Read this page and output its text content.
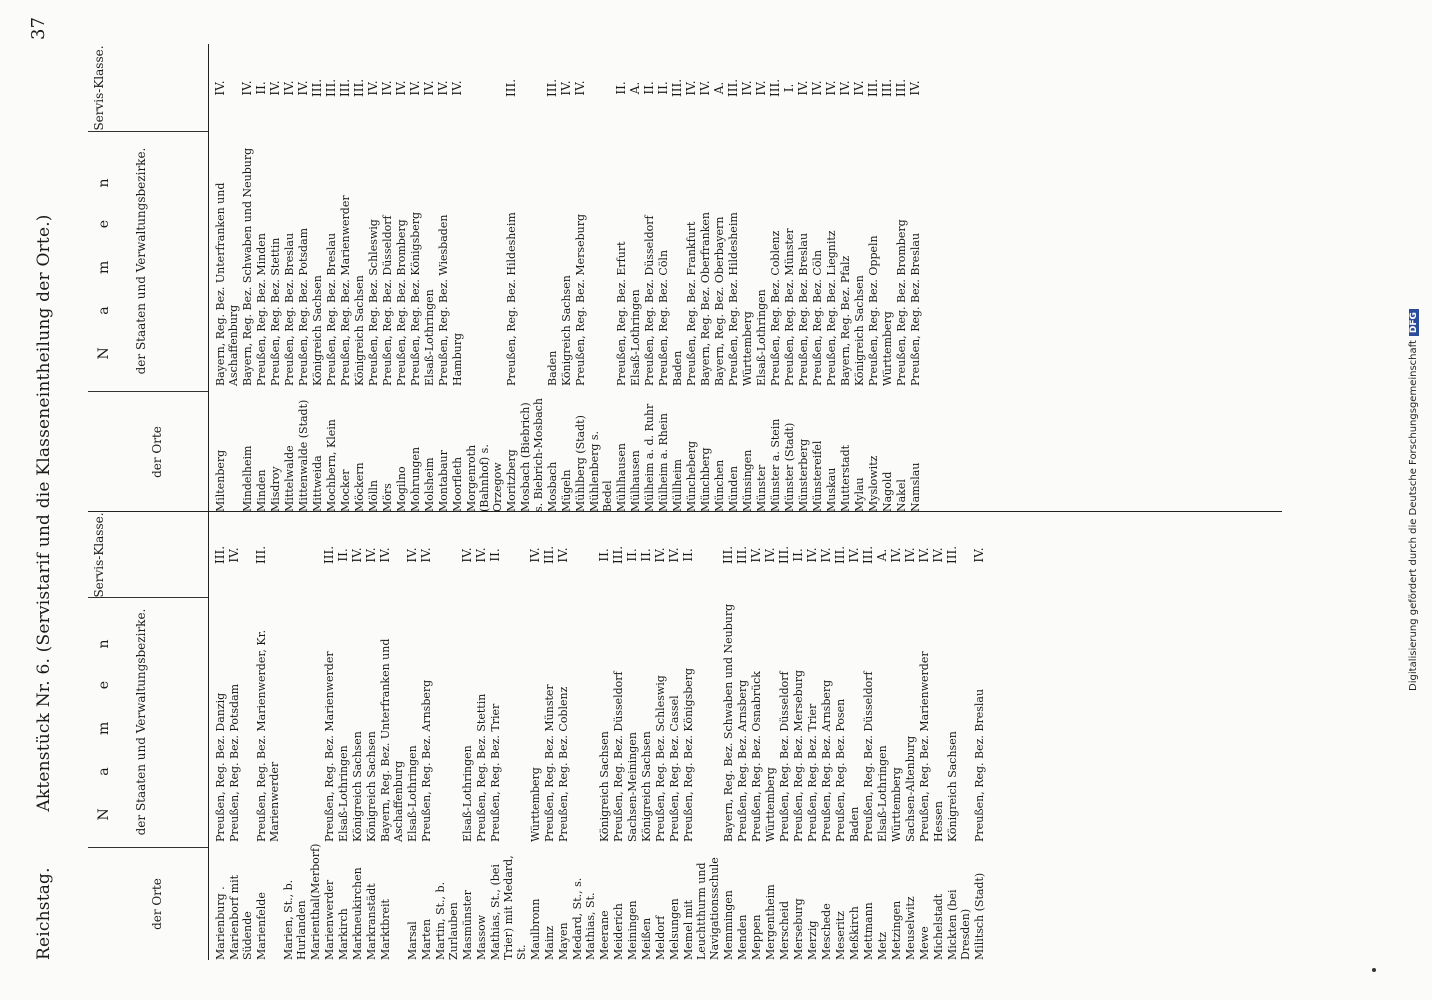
Reichstag. Aktenstück Nr. 6. (Servistarif und die Klasseneintheilung der Orte.)
37
N a m e n
der Orte
der Staaten und Verwaltungsbezirke.
Servis-Klasse.
Marienburg .
Preußen, Reg. Bez. Danzig
III.
Marienborf mit Südende
Preußen, Reg. Bez. Potsdam
IV.
Marienfelde
Preußen, Reg. Bez. Marienwerder, Kr. Marienwerder
III.
Marien, St., b. Hurlanden Marienthal(Merborf) Marienwerder
Preußen, Reg. Bez. Marienwerder
III.
Markirch
Elsaß-Lothringen
II.
Markneukirchen
Königreich Sachsen
IV.
Markranstädt
Königreich Sachsen
IV.
Marktbreit
Bayern, Reg. Bez. Unterfranken und Aschaffenburg
IV.
Marsal
Elsaß-Lothringen
IV.
Marten
Preußen, Reg. Bez. Arnsberg
IV.
Martin, St., b. Zurlauben Masmünster
Elsaß-Lothringen
IV.
Massow
Preußen, Reg. Bez. Stettin
IV.
Mathias, St., (bei Trier) mit Medard, St.
Preußen, Reg. Bez. Trier
II.
Maulbronn
Württemberg
IV.
Mainz
Preußen, Reg. Bez. Münster
III.
Mayen
Preußen, Reg. Bez. Coblenz
IV.
Medard, St., s. Mathias, St. Meerane
Königreich Sachsen
II.
Meiderich
Preußen, Reg. Bez. Düsseldorf
III.
Meiningen
Sachsen-Meiningen
II.
Meißen
Königreich Sachsen
II.
Meldorf
Preußen, Reg. Bez. Schleswig
IV.
Melsungen
Preußen, Reg. Bez. Cassel
IV.
Memel mit Leuchtthurm und Navigationsschule
Preußen, Reg. Bez. Königsberg
II.
Memmingen
Bayern, Reg. Bez. Schwaben und Neuburg
III.
Menden
Preußen, Reg. Bez. Arnsberg
III.
Meppen
Preußen, Reg. Bez. Osnabrück
IV.
Mergentheim
Württemberg
IV.
Merscheid
Preußen, Reg. Bez. Düsseldorf
III.
Merseburg
Preußen, Reg. Bez. Merseburg
II.
Merzig
Preußen, Reg. Bez. Trier
IV.
Meschede
Preußen, Reg. Bez. Arnsberg
IV.
Meseritz
Preußen, Reg. Bez. Posen
III.
Meßkirch
Baden
IV.
Mettmann
Preußen, Reg. Bez. Düsseldorf
III.
Metz
Elsaß-Lothringen
A.
Metzingen
Württemberg
IV.
Meuselwitz
Sachsen-Altenburg
IV.
Mewe
Preußen, Reg. Bez. Marienwerder
IV.
Michelstadt
Hessen
IV.
Mickten (bei Dresden)
Königreich Sachsen
III.
Militsch (Stadt)
Preußen, Reg. Bez. Breslau
IV.
N a m e n
der Orte
der Staaten und Verwaltungsbezirke.
Servis-Klasse.
Miltenberg
Bayern, Reg. Bez. Unterfranken und Aschaffenburg
IV.
Mindelheim
Bayern, Reg. Bez. Schwaben und Neuburg
IV.
Minden
Preußen, Reg. Bez. Minden
II.
Misdroy
Preußen, Reg. Bez. Stettin
IV.
Mittelwalde
Preußen, Reg. Bez. Breslau
IV.
Mittenwalde (Stadt)
Preußen, Reg. Bez. Potsdam
IV.
Mittweida
Königreich Sachsen
III.
Mochbern, Klein
Preußen, Reg. Bez. Breslau
III.
Mocker
Preußen, Reg. Bez. Marienwerder
III.
Möckern
Königreich Sachsen
III.
Mölln
Preußen, Reg. Bez. Schleswig
IV.
Mörs
Preußen, Reg. Bez. Düsseldorf
IV.
Mogilno
Preußen, Reg. Bez. Bromberg
IV.
Mohrungen
Preußen, Reg. Bez. Königsberg
IV.
Molsheim
Elsaß-Lothringen
IV.
Montabaur
Preußen, Reg. Bez. Wiesbaden
IV.
Moorfleth
Hamburg
IV.
Morgenroth (Bahnhof) s. Orzegow Moritzberg
Preußen, Reg. Bez. Hildesheim
III.
Mosbach (Biebrich) s. Biebrich-Mosbach Mosbach
Baden
III.
Mügeln
Königreich Sachsen
IV.
Mühlberg (Stadt)
Preußen, Reg. Bez. Merseburg
IV.
Mühlenberg s. Bedel Mühlhausen
Preußen, Reg. Bez. Erfurt
II.
Mülhausen
Elsaß-Lothringen
A.
Mülheim a. d. Ruhr
Preußen, Reg. Bez. Düsseldorf
II.
Mülheim a. Rhein
Preußen, Reg. Bez. Cöln
II.
Müllheim
Baden
III.
Müncheberg
Preußen, Reg. Bez. Frankfurt
IV.
Münchberg
Bayern, Reg. Bez. Oberfranken
IV.
München
Bayern, Reg. Bez. Oberbayern
A.
Münden
Preußen, Reg. Bez. Hildesheim
III.
Münsingen
Württemberg
IV.
Münster
Elsaß-Lothringen
IV.
Münster a. Stein
Preußen, Reg. Bez. Coblenz
III.
Münster (Stadt)
Preußen, Reg. Bez. Münster
I.
Münsterberg
Preußen, Reg. Bez. Breslau
IV.
Münstereifel
Preußen, Reg. Bez. Cöln
IV.
Muskau
Preußen, Reg. Bez. Liegnitz
IV.
Mutterstadt
Bayern, Reg. Bez. Pfalz
IV.
Mylau
Königreich Sachsen
IV.
Myslowitz
Preußen, Reg. Bez. Oppeln
III.
Nagold
Württemberg
III.
Nakel
Preußen, Reg. Bez. Bromberg
III.
Namslau
Preußen, Reg. Bez. Breslau
IV.
Digitalisierung gefördert durch die Deutsche ForschungsgemeinschaftDFG
